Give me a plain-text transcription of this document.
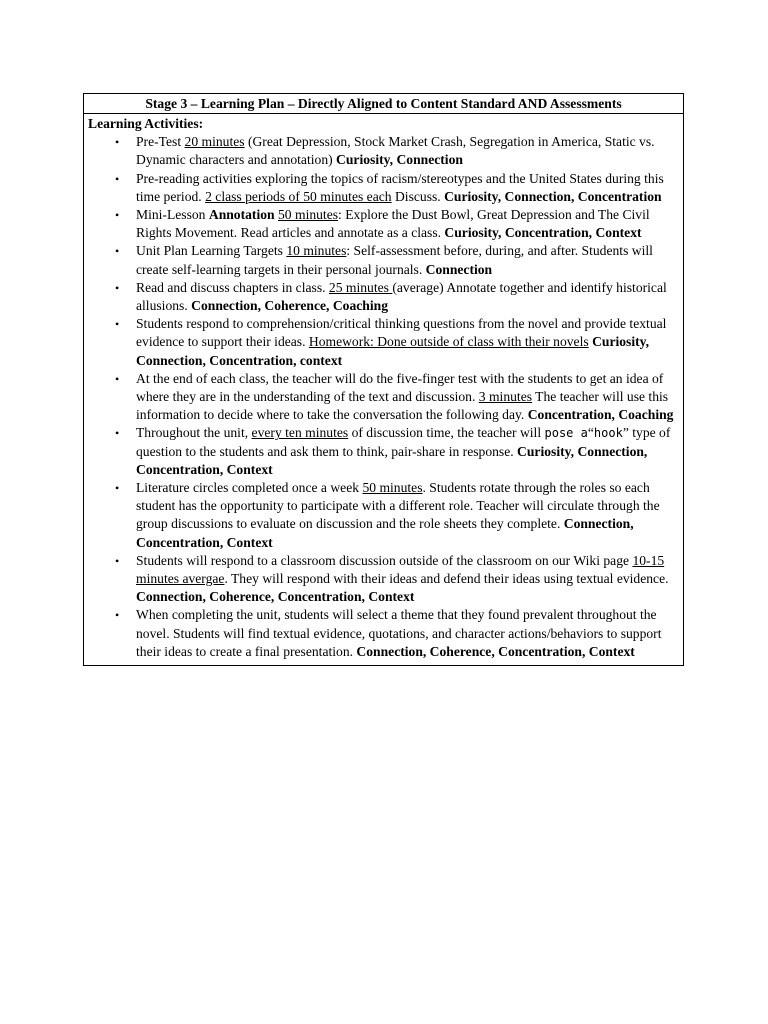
Stage 3 – Learning Plan – Directly Aligned to Content Standard AND Assessments
Learning Activities:
• Pre-Test 20 minutes (Great Depression, Stock Market Crash, Segregation in America, Static vs. Dynamic characters and annotation) Curiosity, Connection
• Pre-reading activities exploring the topics of racism/stereotypes and the United States during this time period. 2 class periods of 50 minutes each Discuss. Curiosity, Connection, Concentration
• Mini-Lesson Annotation 50 minutes: Explore the Dust Bowl, Great Depression and The Civil Rights Movement. Read articles and annotate as a class. Curiosity, Concentration, Context
• Unit Plan Learning Targets 10 minutes: Self-assessment before, during, and after. Students will create self-learning targets in their personal journals. Connection
• Read and discuss chapters in class. 25 minutes (average) Annotate together and identify historical allusions. Connection, Coherence, Coaching
• Students respond to comprehension/critical thinking questions from the novel and provide textual evidence to support their ideas. Homework: Done outside of class with their novels Curiosity, Connection, Concentration, context
• At the end of each class, the teacher will do the five-finger test with the students to get an idea of where they are in the understanding of the text and discussion. 3 minutes The teacher will use this information to decide where to take the conversation the following day. Concentration, Coaching
• Throughout the unit, every ten minutes of discussion time, the teacher will pose a“hook” type of question to the students and ask them to think, pair-share in response. Curiosity, Connection, Concentration, Context
• Literature circles completed once a week 50 minutes. Students rotate through the roles so each student has the opportunity to participate with a different role. Teacher will circulate through the group discussions to evaluate on discussion and the role sheets they complete. Connection, Concentration, Context
• Students will respond to a classroom discussion outside of the classroom on our Wiki page 10-15 minutes avergae. They will respond with their ideas and defend their ideas using textual evidence. Connection, Coherence, Concentration, Context
• When completing the unit, students will select a theme that they found prevalent throughout the novel. Students will find textual evidence, quotations, and character actions/behaviors to support their ideas to create a final presentation. Connection, Coherence, Concentration, Context
